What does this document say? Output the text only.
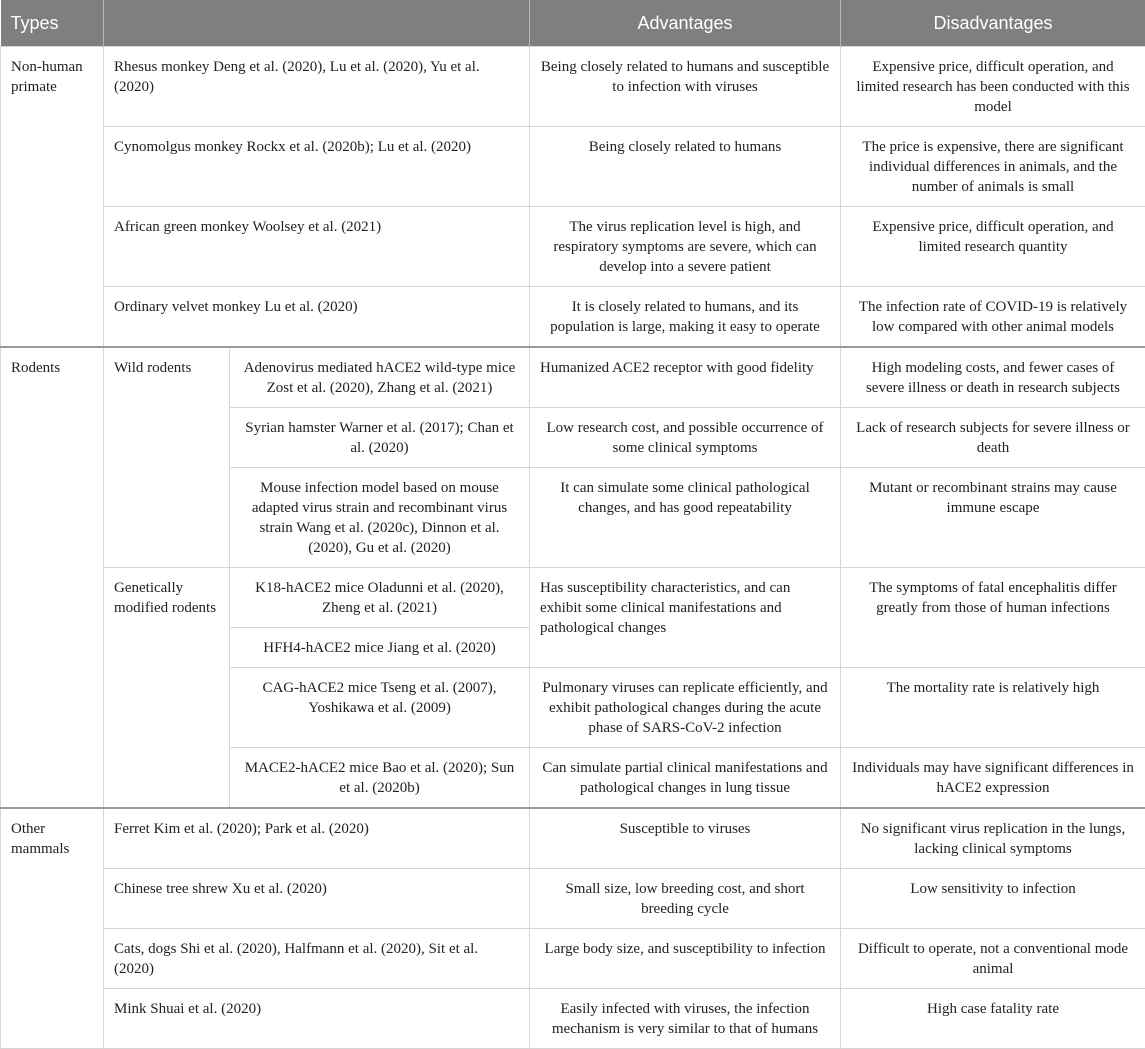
Types			Advantages	Disadvantages
Non-human primate	Rhesus monkey Deng et al. (2020), Lu et al. (2020), Yu et al. (2020)		Being closely related to humans and susceptible to infection with viruses	Expensive price, difficult operation, and limited research has been conducted with this model
	Cynomolgus monkey Rockx et al. (2020b); Lu et al. (2020)		Being closely related to humans	The price is expensive, there are significant individual differences in animals, and the number of animals is small
	African green monkey Woolsey et al. (2021)		The virus replication level is high, and respiratory symptoms are severe, which can develop into a severe patient	Expensive price, difficult operation, and limited research quantity
	Ordinary velvet monkey Lu et al. (2020)		It is closely related to humans, and its population is large, making it easy to operate	The infection rate of COVID-19 is relatively low compared with other animal models
Rodents	Wild rodents	Adenovirus mediated hACE2 wild-type mice Zost et al. (2020), Zhang et al. (2021)	Humanized ACE2 receptor with good fidelity	High modeling costs, and fewer cases of severe illness or death in research subjects
		Syrian hamster Warner et al. (2017); Chan et al. (2020)	Low research cost, and possible occurrence of some clinical symptoms	Lack of research subjects for severe illness or death
		Mouse infection model based on mouse adapted virus strain and recombinant virus strain Wang et al. (2020c), Dinnon et al. (2020), Gu et al. (2020)	It can simulate some clinical pathological changes, and has good repeatability	Mutant or recombinant strains may cause immune escape
	Genetically modified rodents	K18-hACE2 mice Oladunni et al. (2020), Zheng et al. (2021)	Has susceptibility characteristics, and can exhibit some clinical manifestations and pathological changes	The symptoms of fatal encephalitis differ greatly from those of human infections
		HFH4-hACE2 mice Jiang et al. (2020)		
		CAG-hACE2 mice Tseng et al. (2007), Yoshikawa et al. (2009)	Pulmonary viruses can replicate efficiently, and exhibit pathological changes during the acute phase of SARS-CoV-2 infection	The mortality rate is relatively high
		MACE2-hACE2 mice Bao et al. (2020); Sun et al. (2020b)	Can simulate partial clinical manifestations and pathological changes in lung tissue	Individuals may have significant differences in hACE2 expression
Other mammals	Ferret Kim et al. (2020); Park et al. (2020)		Susceptible to viruses	No significant virus replication in the lungs, lacking clinical symptoms
	Chinese tree shrew Xu et al. (2020)		Small size, low breeding cost, and short breeding cycle	Low sensitivity to infection
	Cats, dogs Shi et al. (2020), Halfmann et al. (2020), Sit et al. (2020)		Large body size, and susceptibility to infection	Difficult to operate, not a conventional mode animal
	Mink Shuai et al. (2020)		Easily infected with viruses, the infection mechanism is very similar to that of humans	High case fatality rate
